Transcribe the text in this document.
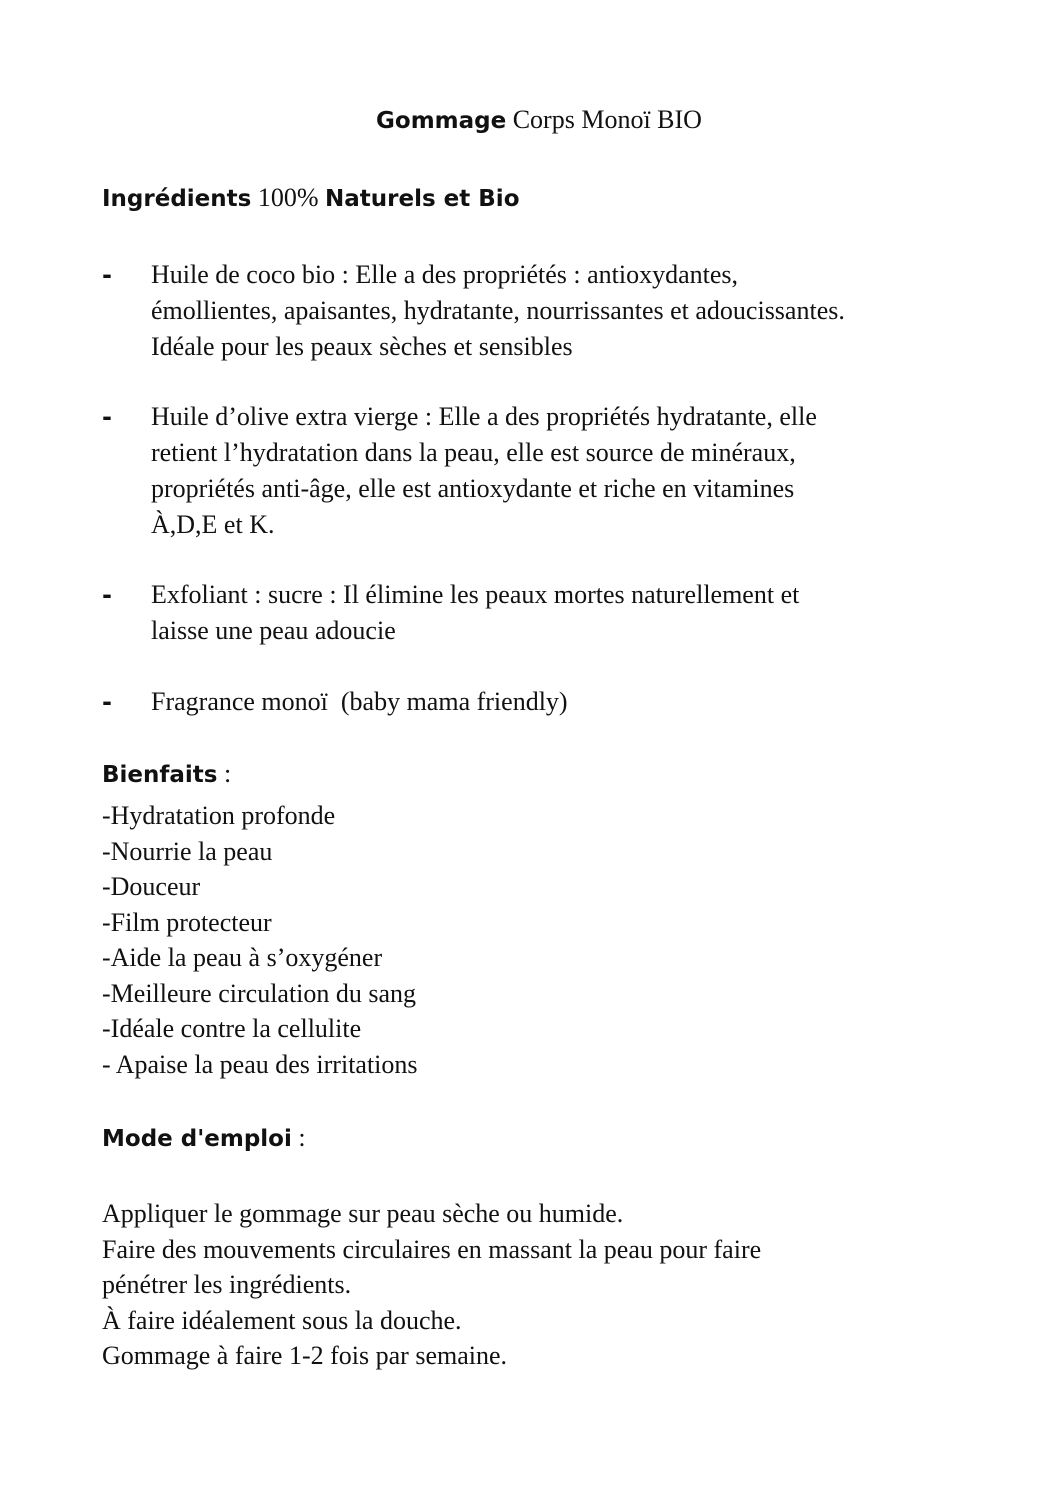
Gommage Corps Monoï BIO
Ingrédients 100% Naturels et Bio
- Huile de coco bio : Elle a des propriétés : antioxydantes,
émollientes, apaisantes, hydratante, nourrissantes et adoucissantes.
Idéale pour les peaux sèches et sensibles
- Huile d’olive extra vierge : Elle a des propriétés hydratante, elle
retient l’hydratation dans la peau, elle est source de minéraux,
propriétés anti-âge, elle est antioxydante et riche en vitamines
À,D,E et K.
- Exfoliant : sucre : Il élimine les peaux mortes naturellement et
laisse une peau adoucie
- Fragrance monoï  (baby mama friendly)
Bienfaits :
-Hydratation profonde
-Nourrie la peau
-Douceur
-Film protecteur
-Aide la peau à s’oxygéner
-Meilleure circulation du sang
-Idéale contre la cellulite
- Apaise la peau des irritations
Mode d'emploi :
Appliquer le gommage sur peau sèche ou humide.
Faire des mouvements circulaires en massant la peau pour faire
pénétrer les ingrédients.
À faire idéalement sous la douche.
Gommage à faire 1-2 fois par semaine.
